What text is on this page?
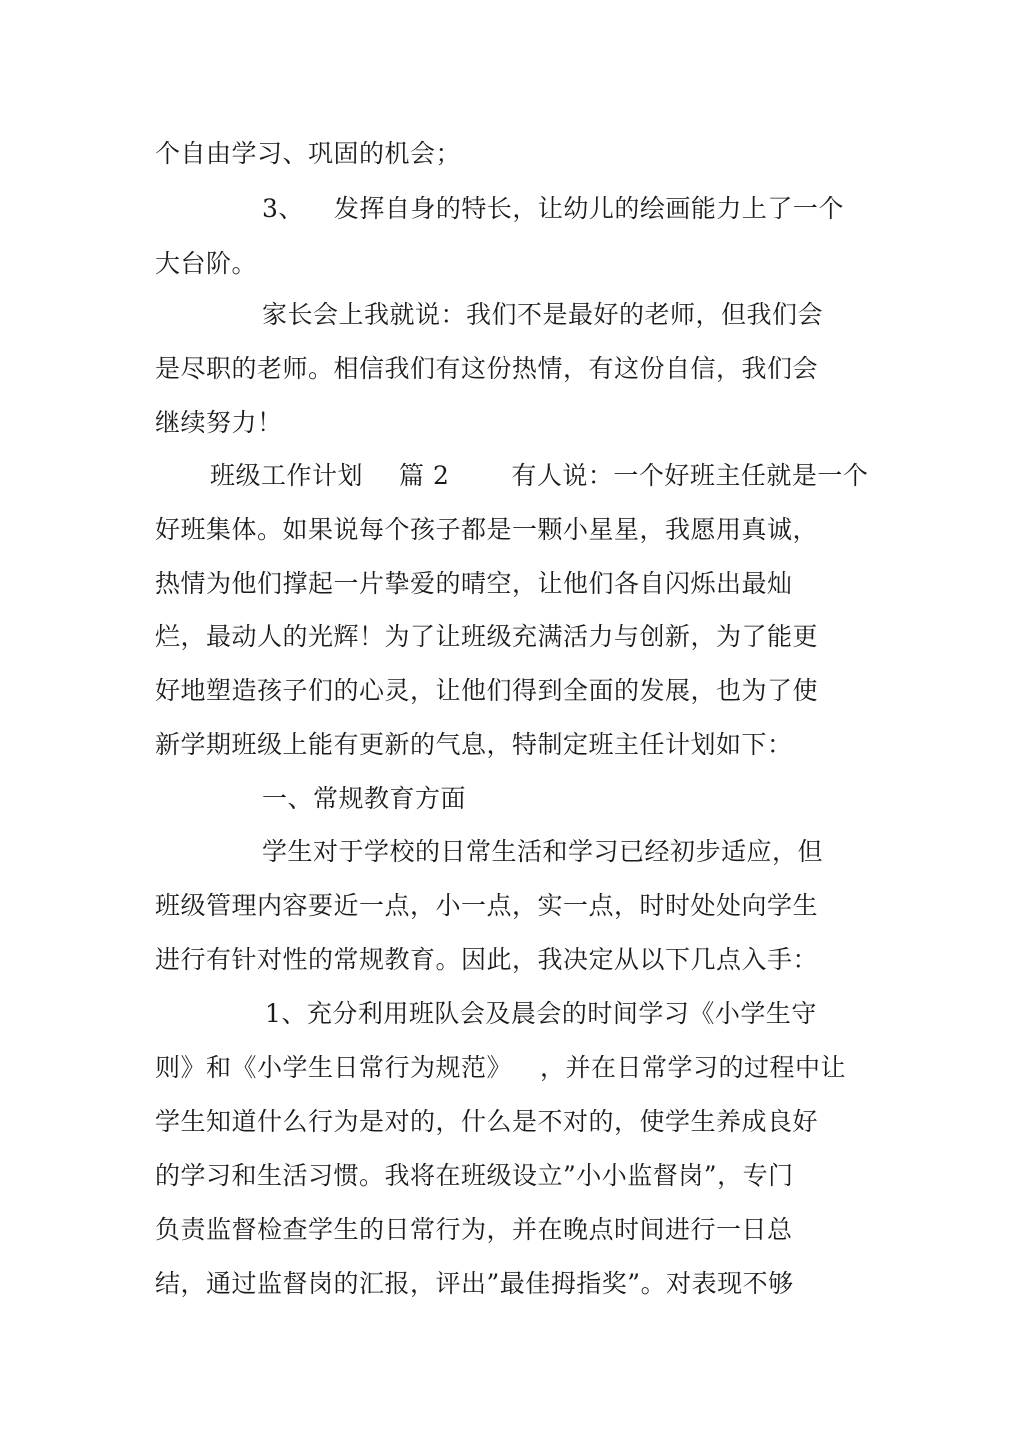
个自由学习、巩固的机会；
3、 发挥自身的特长，让幼儿的绘画能力上了一个
大台阶。
家长会上我就说：我们不是最好的老师，但我们会
是尽职的老师。相信我们有这份热情，有这份自信，我们会
继续努力！
班级工作计划 篇 2 有人说：一个好班主任就是一个
好班集体。如果说每个孩子都是一颗小星星，我愿用真诚，
热情为他们撑起一片挚爱的晴空，让他们各自闪烁出最灿
烂，最动人的光辉！为了让班级充满活力与创新，为了能更
好地塑造孩子们的心灵，让他们得到全面的发展，也为了使
新学期班级上能有更新的气息，特制定班主任计划如下：
一、常规教育方面
学生对于学校的日常生活和学习已经初步适应，但
班级管理内容要近一点，小一点，实一点，时时处处向学生
进行有针对性的常规教育。因此，我决定从以下几点入手：
1、充分利用班队会及晨会的时间学习《小学生守
则》和《小学生日常行为规范》 ，并在日常学习的过程中让
学生知道什么行为是对的，什么是不对的，使学生养成良好
的学习和生活习惯。我将在班级设立”小小监督岗”，专门
负责监督检查学生的日常行为，并在晚点时间进行一日总
结，通过监督岗的汇报，评出”最佳拇指奖”。对表现不够
